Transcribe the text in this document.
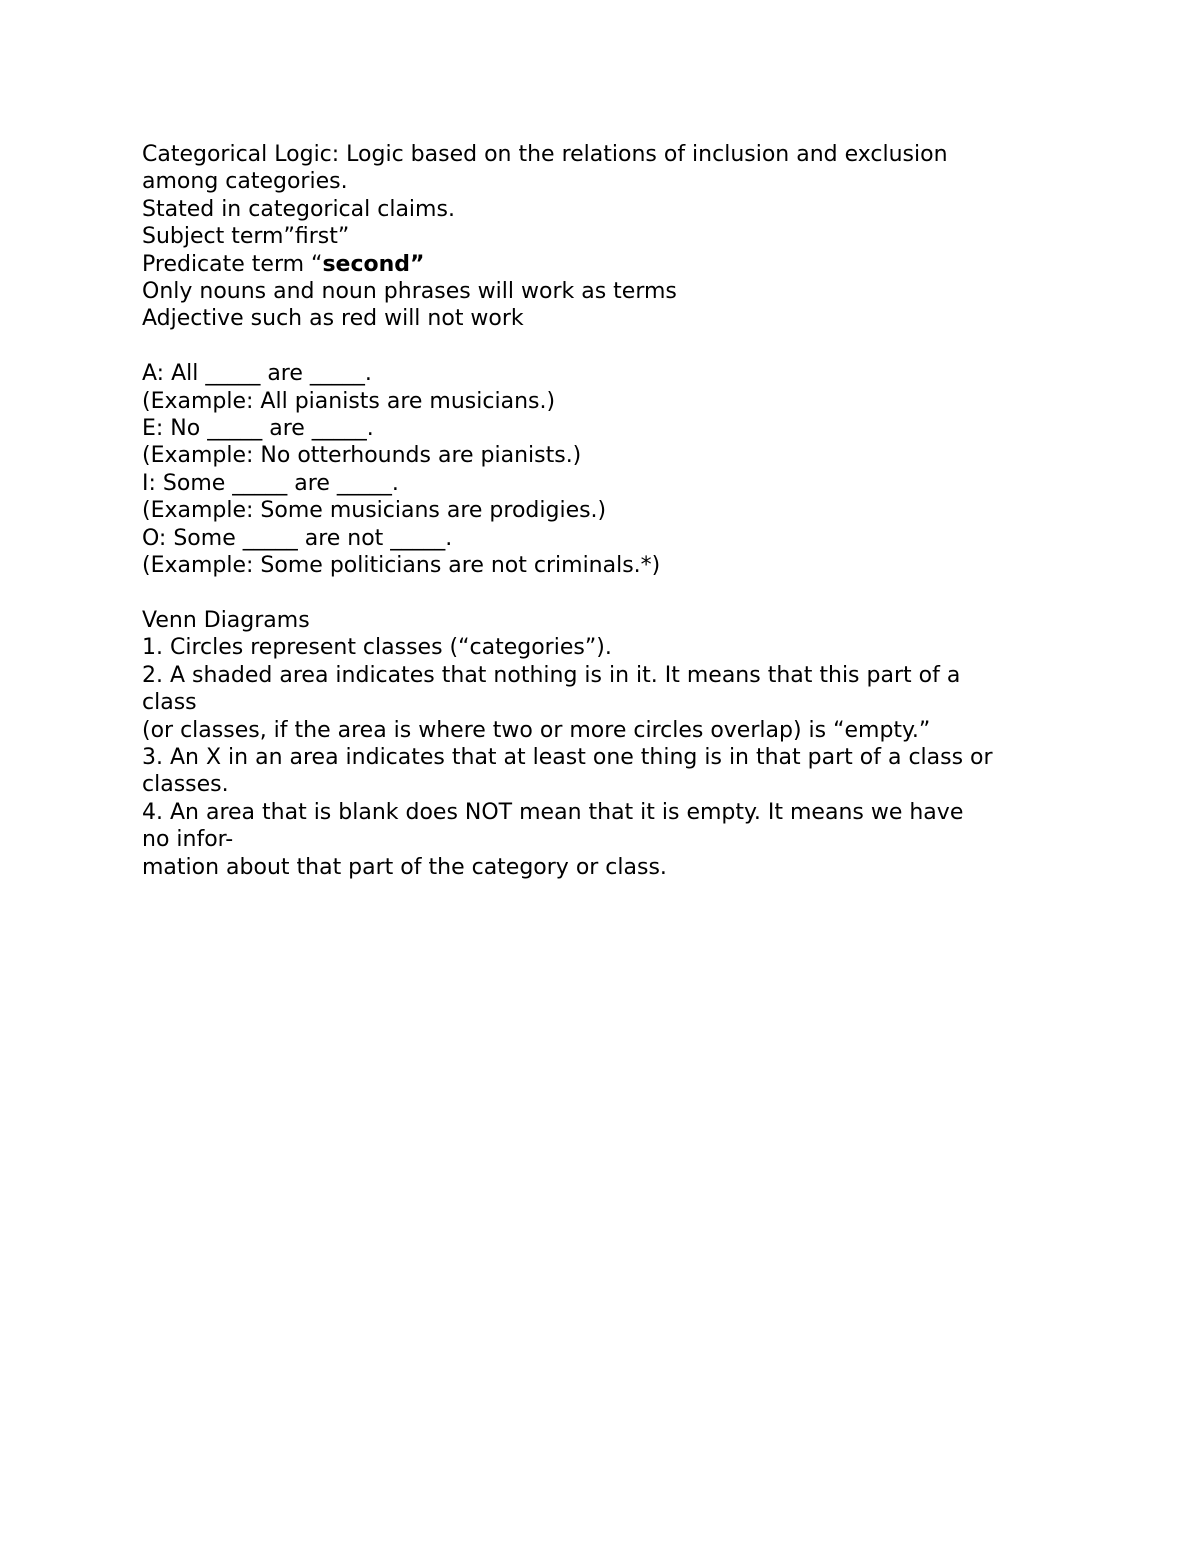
Categorical Logic: Logic based on the relations of inclusion and exclusion
among categories.
Stated in categorical claims.
Subject term”first”
Predicate term “second”
Only nouns and noun phrases will work as terms
Adjective such as red will not work
A: All _____ are _____.
(Example: All pianists are musicians.)
E: No _____ are _____.
(Example: No otterhounds are pianists.)
I: Some _____ are _____.
(Example: Some musicians are prodigies.)
O: Some _____ are not _____.
(Example: Some politicians are not criminals.*)
Venn Diagrams
1. Circles represent classes (“categories”).
2. A shaded area indicates that nothing is in it. It means that this part of a
class
(or classes, if the area is where two or more circles overlap) is “empty.”
3. An X in an area indicates that at least one thing is in that part of a class or
classes.
4. An area that is blank does NOT mean that it is empty. It means we have
no infor-
mation about that part of the category or class.
